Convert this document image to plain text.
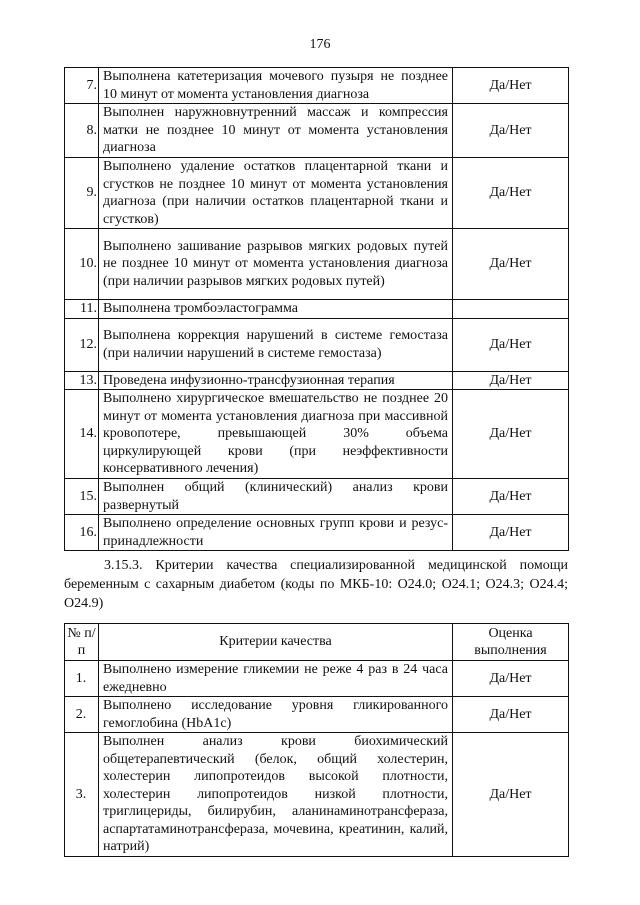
176
7.	Выполнена катетеризация мочевого пузыря не позднее 10 минут от момента установления диагноза	Да/Нет
8.	Выполнен наружновнутренний массаж и компрессия матки не позднее 10 минут от момента установления диагноза	Да/Нет
9.	Выполнено удаление остатков плацентарной ткани и сгустков не позднее 10 минут от момента установления диагноза (при наличии остатков плацентарной ткани и сгустков)	Да/Нет
10.	Выполнено зашивание разрывов мягких родовых путей не позднее 10 минут от момента установления диагноза (при наличии разрывов мягких родовых путей)	Да/Нет
11.	Выполнена тромбоэластограмма	
12.	Выполнена коррекция нарушений в системе гемостаза (при наличии нарушений в системе гемостаза)	Да/Нет
13.	Проведена инфузионно-трансфузионная терапия	Да/Нет
14.	Выполнено хирургическое вмешательство не позднее 20 минут от момента установления диагноза при массивной кровопотере, превышающей 30% объема циркулирующей крови (при неэффективности консервативного лечения)	Да/Нет
15.	Выполнен общий (клинический) анализ крови развернутый	Да/Нет
16.	Выполнено определение основных групп крови и резус-принадлежности	Да/Нет
3.15.3. Критерии качества специализированной медицинской помощи беременным с сахарным диабетом (коды по МКБ-10: O24.0; O24.1; O24.3; O24.4; O24.9)
№ п/п	Критерии качества	Оценка выполнения
1.	Выполнено измерение гликемии не реже 4 раз в 24 часа ежедневно	Да/Нет
2.	Выполнено исследование уровня гликированного гемоглобина (HbA1c)	Да/Нет
3.	Выполнен анализ крови биохимический общетерапевтический (белок, общий холестерин, холестерин липопротеидов высокой плотности, холестерин липопротеидов низкой плотности, триглицериды, билирубин, аланинаминотрансфераза, аспартатаминотрансфераза, мочевина, креатинин, калий, натрий)	Да/Нет
